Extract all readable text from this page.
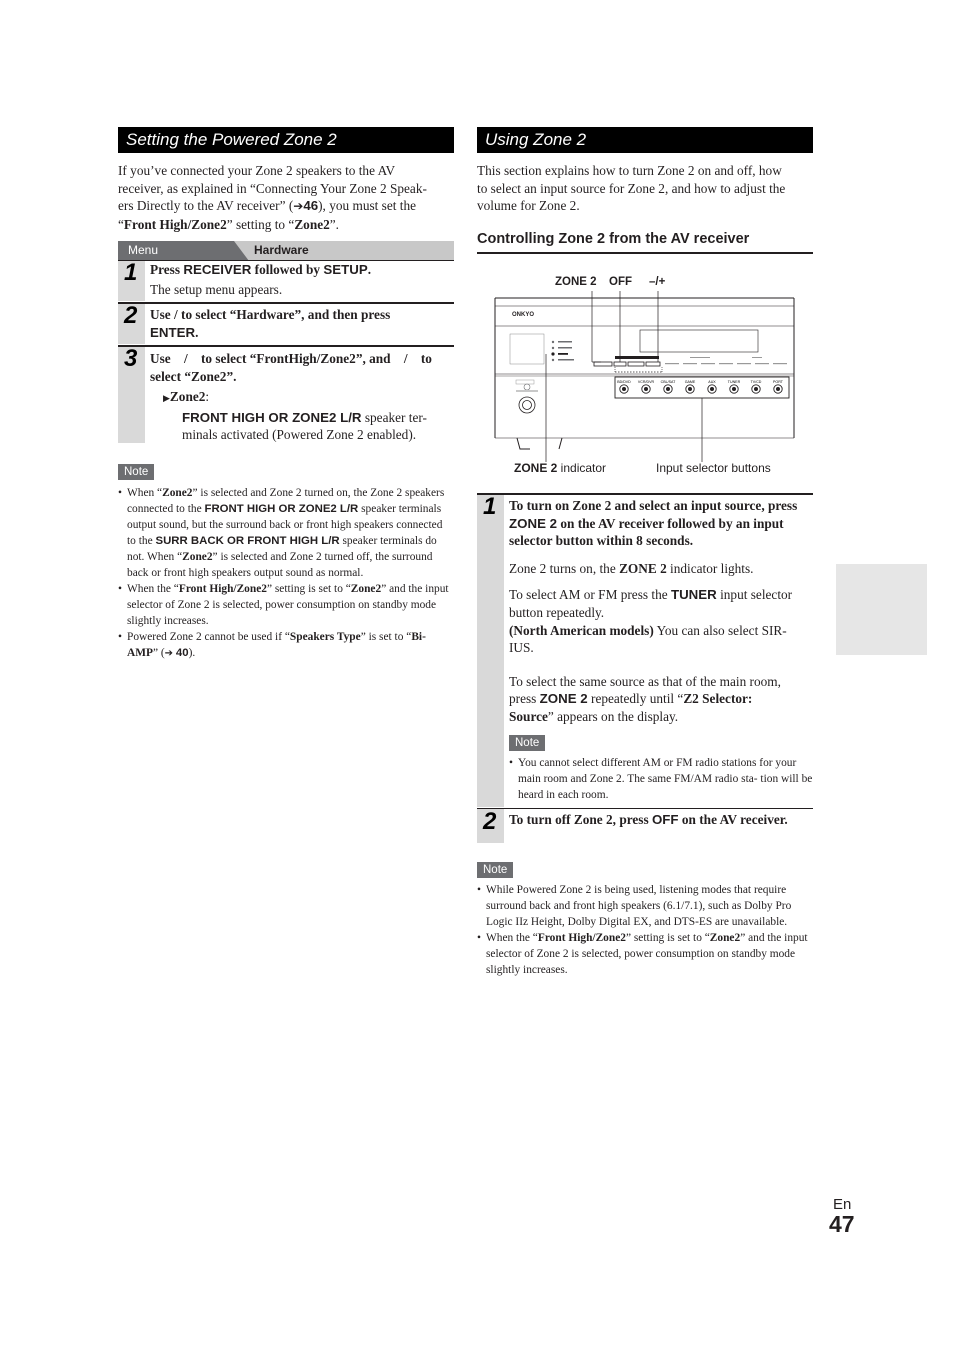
Setting the Powered Zone 2
If you’ve connected your Zone 2 speakers to the AV
receiver, as explained in “Connecting Your Zone 2 Speak-
ers Directly to the AV receiver” (➔46), you must set the
“Front High/Zone2” setting to “Zone2”.
Menu	Hardware
1 Press RECEIVER followed by SETUP.
The setup menu appears.
2 Use / to select “Hardware”, and then press
ENTER.
3 Use    /    to select “FrontHigh/Zone2”, and    /    to
select “Zone2”.
▶Zone2:
FRONT HIGH OR ZONE2 L/R speaker ter-
minals activated (Powered Zone 2 enabled).
Note
• When “Zone2” is selected and Zone 2 turned on, the Zone 2 speakers connected to the FRONT HIGH OR ZONE2 L/R speaker terminals output sound, but the surround back or front high speakers connected to the SURR BACK OR FRONT HIGH L/R speaker terminals do not. When “Zone2” is selected and Zone 2 turned off, the surround back or front high speakers output sound as normal.
• When the “Front High/Zone2” setting is set to “Zone2” and the input selector of Zone 2 is selected, power consumption on standby mode slightly increases.
• Powered Zone 2 cannot be used if “Speakers Type” is set to “Bi-AMP” (➔ 40).
Using Zone 2
This section explains how to turn Zone 2 on and off, how
to select an input source for Zone 2, and how to adjust the
volume for Zone 2.
Controlling Zone 2 from the AV receiver
ZONE 2 OFF –/+
ONKYO
BD/DVD VCR/DVR CBL/SAT	GAME	AUX	TUNER	TV/CD	PORT
ZONE 2 indicator	Input selector buttons
1 To turn on Zone 2 and select an input source, press
ZONE 2 on the AV receiver followed by an input
selector button within 8 seconds.
Zone 2 turns on, the ZONE 2 indicator lights.
To select AM or FM press the TUNER input selector
button repeatedly.
(North American models) You can also select SIR-
IUS.
To select the same source as that of the main room,
press ZONE 2 repeatedly until “Z2 Selector:
Source” appears on the display.
Note
• You cannot select different AM or FM radio stations for your main room and Zone 2. The same FM/AM radio sta- tion will be heard in each room.
2 To turn off Zone 2, press OFF on the AV receiver.
Note
• While Powered Zone 2 is being used, listening modes that require surround back and front high speakers (6.1/7.1), such as Dolby Pro Logic IIz Height, Dolby Digital EX, and DTS-ES are unavailable.
• When the “Front High/Zone2” setting is set to “Zone2” and the input selector of Zone 2 is selected, power consumption on standby mode slightly increases.
En
47
